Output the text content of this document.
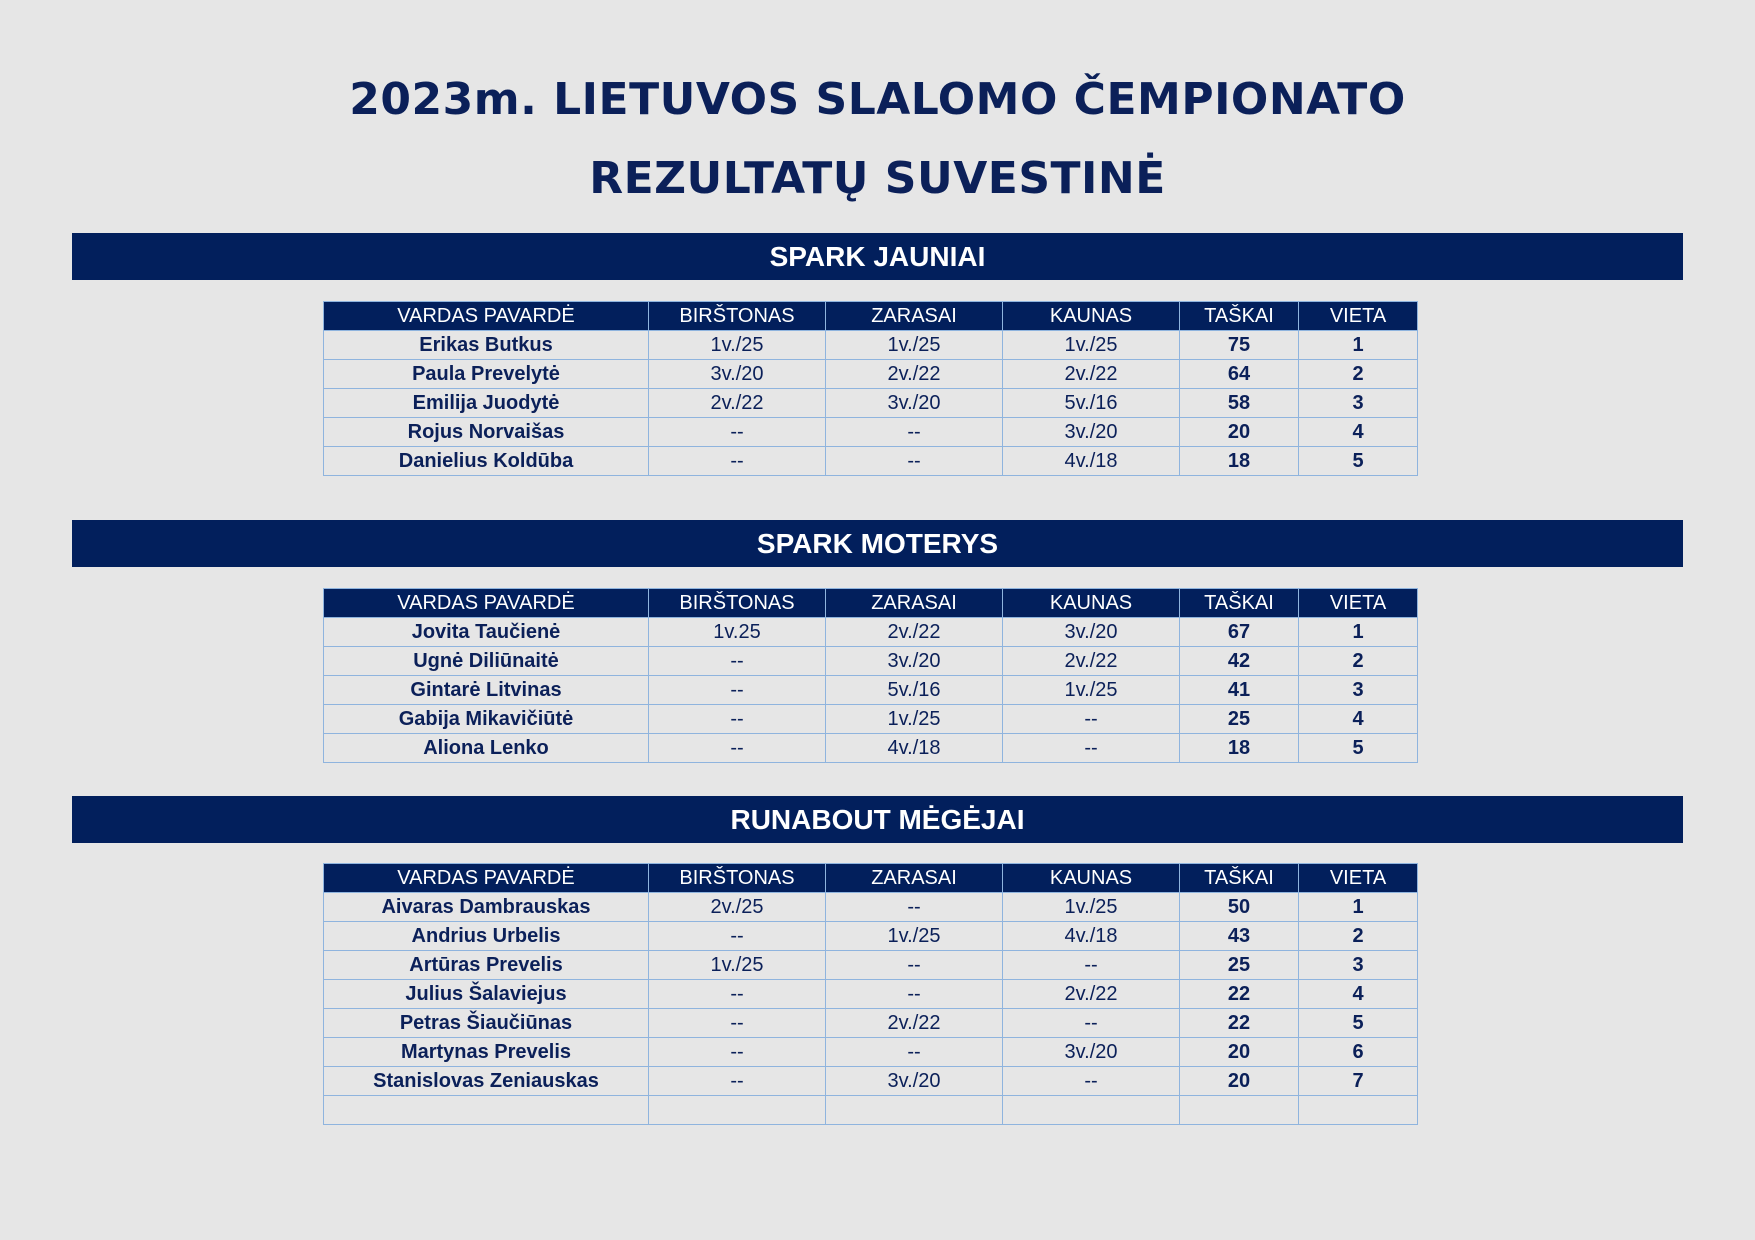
2023m. LIETUVOS SLALOMO ČEMPIONATO
REZULTATŲ SUVESTINĖ
SPARK JAUNIAI
VARDAS PAVARDĖ	BIRŠTONAS	ZARASAI	KAUNAS	TAŠKAI	VIETA
Erikas Butkus	1v./25	1v./25	1v./25	75	1
Paula Prevelytė	3v./20	2v./22	2v./22	64	2
Emilija Juodytė	2v./22	3v./20	5v./16	58	3
Rojus Norvaišas	--	--	3v./20	20	4
Danielius Koldūba	--	--	4v./18	18	5
SPARK MOTERYS
VARDAS PAVARDĖ	BIRŠTONAS	ZARASAI	KAUNAS	TAŠKAI	VIETA
Jovita Taučienė	1v.25	2v./22	3v./20	67	1
Ugnė Diliūnaitė	--	3v./20	2v./22	42	2
Gintarė Litvinas	--	5v./16	1v./25	41	3
Gabija Mikavičiūtė	--	1v./25	--	25	4
Aliona Lenko	--	4v./18	--	18	5
RUNABOUT MĖGĖJAI
VARDAS PAVARDĖ	BIRŠTONAS	ZARASAI	KAUNAS	TAŠKAI	VIETA
Aivaras Dambrauskas	2v./25	--	1v./25	50	1
Andrius Urbelis	--	1v./25	4v./18	43	2
Artūras Prevelis	1v./25	--	--	25	3
Julius Šalaviejus	--	--	2v./22	22	4
Petras Šiaučiūnas	--	2v./22	--	22	5
Martynas Prevelis	--	--	3v./20	20	6
Stanislovas Zeniauskas	--	3v./20	--	20	7
